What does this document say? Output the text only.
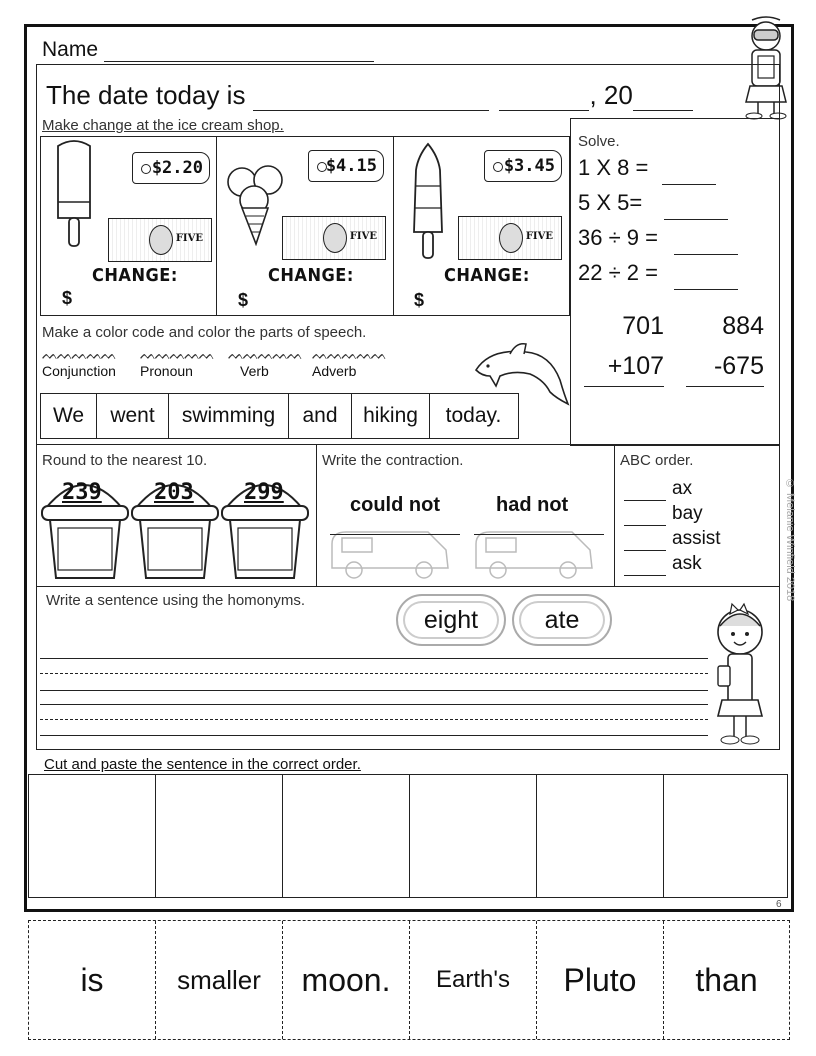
Name
The date today is	, 20
Make change at the ice cream shop.
$2.20
FIVE
CHANGE:
$
$4.15
FIVE
CHANGE:
$
$3.45
FIVE
CHANGE:
$
Solve.
1 X 8 =
5 X 5=
36 ÷ 9 =
22 ÷ 2 =
701
+107
884
-675
Make a color code and color the parts of speech.
ᨓᨓᨓᨓᨓ
Conjunction
ᨓᨓᨓᨓᨓ
Pronoun
ᨓᨓᨓᨓᨓ
Verb
ᨓᨓᨓᨓᨓ
Adverb
We	went	swimming	and	hiking	today.
Round to the nearest 10.
239 203 299
Write the contraction.
could not	had not
ABC order.
ax
bay
assist
ask
Write a sentence using the homonyms.
eight	ate
© Melanie Winfield 2018
Cut and paste the sentence in the correct order.
6
is	smaller	moon.	Earth's	Pluto	than
